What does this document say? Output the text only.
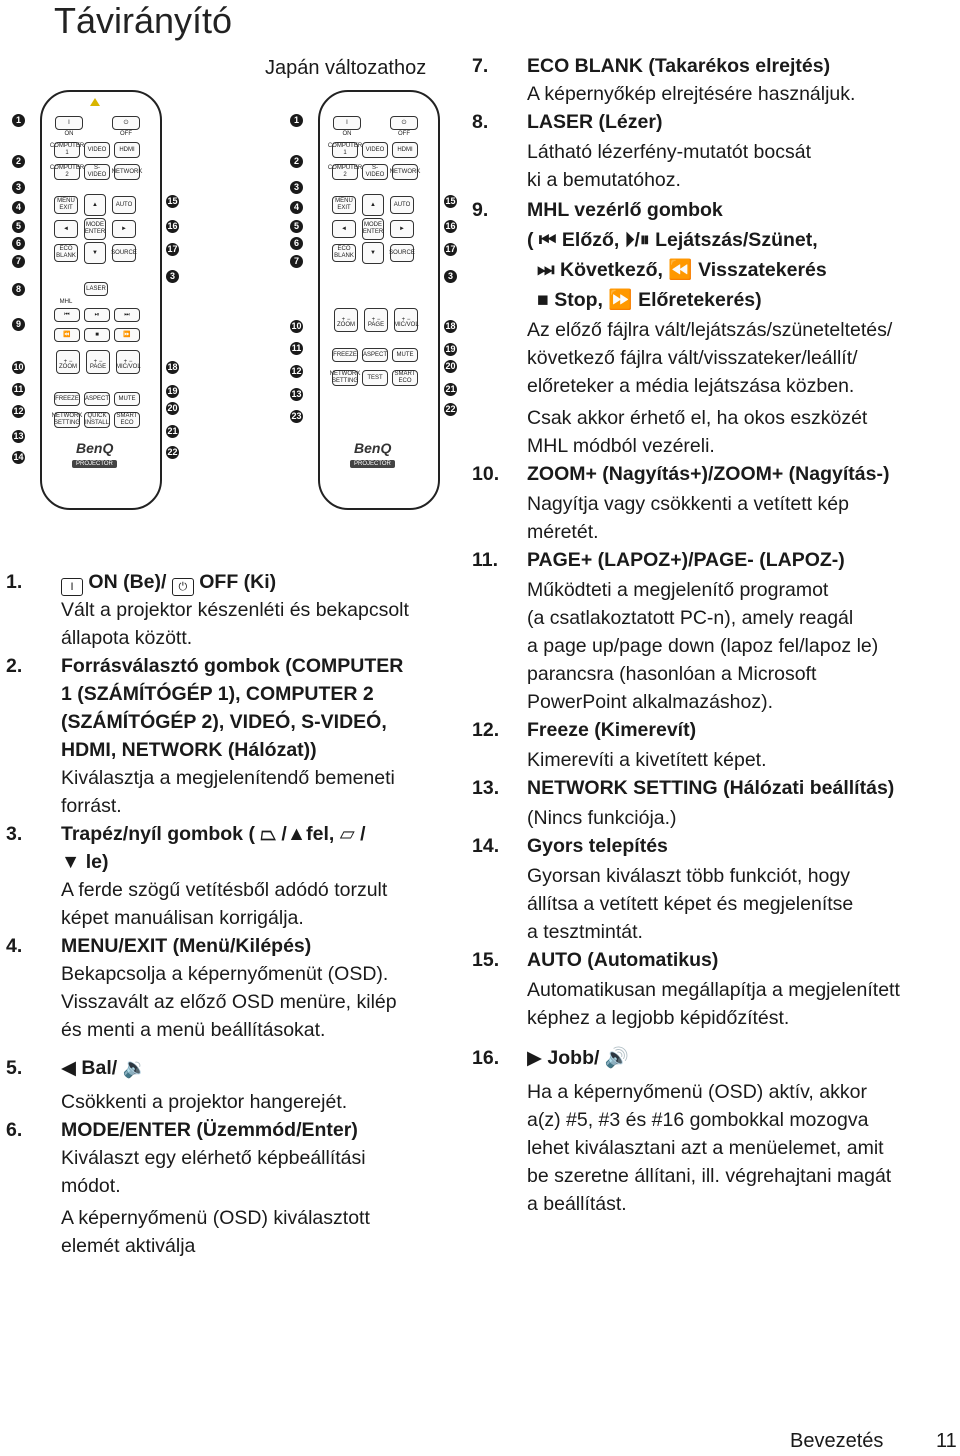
Távirányító
Japán változathoz
I	⏻
ON	OFF
COMPUTER 1
VIDEO	HDMI
COMPUTER 2
S-VIDEO
NETWORK
MENU EXIT
▲	AUTO
◄
MODE ENTER
►
ECO BLANK
▼	SOURCE
LASER
MHL
⏮	⏯	⏭
⏪	■	⏩
+ −	+ −	+ −
ZOOM	PAGE	MIC/VOL
FREEZE ASPECT	MUTE
NETWORK SETTING
QUICK INSTALL
SMART ECO
BenQ
PROJECTOR
1
2
3
4
5
6
7
8
9
10
11
12
13
14
15
16
17
3
18
19
20
21
22
I	⏻
ON	OFF
COMPUTER 1
VIDEO	HDMI
COMPUTER 2
S-VIDEO
NETWORK
MENU EXIT
▲	AUTO
◄
MODE ENTER
►
ECO BLANK
▼	SOURCE
+ −	+ −	+ −
ZOOM	PAGE	MIC/VOL
FREEZE ASPECT	MUTE
NETWORK SETTING
TEST
SMART ECO
BenQ
PROJECTOR
1
2
3
4
5
6
7
10
11
12
13
23
15
16
17
3
18
19
20
21
22
1.	I ON (Be)/ ⏻ OFF (Ki)

Vált a projektor készenléti és bekapcsolt

állapota között.

2. Forrásválasztó gombok (COMPUTER
1 (SZÁMÍTÓGÉP 1), COMPUTER 2
(SZÁMÍTÓGÉP 2), VIDEÓ, S-VIDEÓ,
HDMI, NETWORK (Hálózat))

Kiválasztja a megjelenítendő bemeneti

forrást.

3. Trapéz/nyíl gombok ( ⏢ /▲fel, ⏥ /
▼ le)

A ferde szögű vetítésből adódó torzult

képet manuálisan korrigálja.

4. MENU/EXIT (Menü/Kilépés)

Bekapcsolja a képernyőmenüt (OSD).

Visszavált az előző OSD menüre, kilép

és menti a menü beállításokat.

5. ◀ Bal/ 🔉

Csökkenti a projektor hangerejét.

6. MODE/ENTER (Üzemmód/Enter)

Kiválaszt egy elérhető képbeállítási

módot.

A képernyőmenü (OSD) kiválasztott

elemét aktiválja

7. ECO BLANK (Takarékos elrejtés)

A képernyőkép elrejtésére használjuk.

8. LASER (Lézer)

Látható lézerfény-mutatót bocsát

ki a bemutatóhoz.

9. MHL vezérlő gombok
( ⏮ Előző, ⏵/⏸ Lejátszás/Szünet,
⏭ Következő, ⏪ Visszatekerés
■ Stop, ⏩ Előretekerés)

Az előző fájlra vált/lejátszás/szüneteltetés/

következő fájlra vált/visszateker/leállít/

előreteker a média lejátszása közben.

Csak akkor érhető el, ha okos eszközét

MHL módból vezéreli.

10. ZOOM+ (Nagyítás+)/ZOOM+ (Nagyítás-)

Nagyítja vagy csökkenti a vetített kép

méretét.

11. PAGE+ (LAPOZ+)/PAGE- (LAPOZ-)

Működteti a megjelenítő programot

(a csatlakoztatott PC-n), amely reagál

a page up/page down (lapoz fel/lapoz le)

parancsra (hasonlóan a Microsoft

PowerPoint alkalmazáshoz).

12. Freeze (Kimerevít)

Kimerevíti a kivetített képet.

13. NETWORK SETTING (Hálózati beállítás)

(Nincs funkciója.)

14. Gyors telepítés

Gyorsan kiválaszt több funkciót, hogy

állítsa a vetített képet és megjelenítse

a tesztmintát.

15. AUTO (Automatikus)

Automatikusan megállapítja a megjelenített

képhez a legjobb képidőzítést.

16. ▶ Jobb/ 🔊

Ha a képernyőmenü (OSD) aktív, akkor

a(z) #5, #3 és #16 gombokkal mozogva

lehet kiválasztani azt a menüelemet, amit

be szeretne állítani, ill. végrehajtani magát

a beállítást.

Bevezetés	11
